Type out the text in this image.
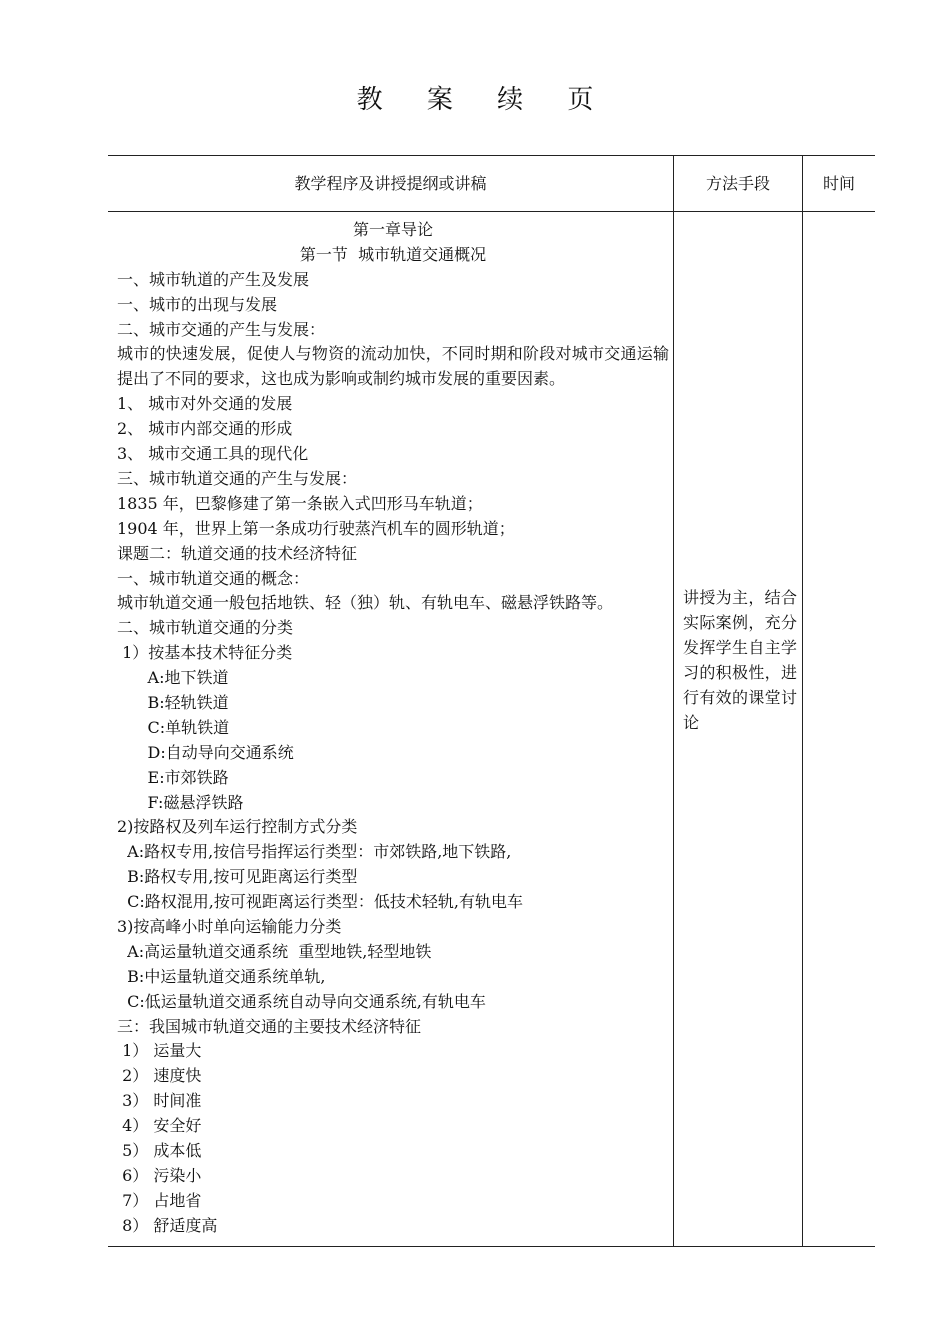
教 案 续 页
教学程序及讲授提纲或讲稿	方法手段	时间
第一章导论
第一节  城市轨道交通概况
一、城市轨道的产生及发展
一、城市的出现与发展
二、城市交通的产生与发展：
城市的快速发展，促使人与物资的流动加快，不同时期和阶段对城市交通运输提出了不同的要求，这也成为影响或制约城市发展的重要因素。
1、 城市对外交通的发展
2、 城市内部交通的形成
3、 城市交通工具的现代化
三、城市轨道交通的产生与发展：
1835 年，巴黎修建了第一条嵌入式凹形马车轨道；
1904 年，世界上第一条成功行驶蒸汽机车的圆形轨道；
课题二：轨道交通的技术经济特征
一、城市轨道交通的概念：
城市轨道交通一般包括地铁、轻（独）轨、有轨电车、磁悬浮铁路等。
二、城市轨道交通的分类
1）按基本技术特征分类
A:地下铁道
B:轻轨铁道
C:单轨铁道
D:自动导向交通系统
E:市郊铁路
F:磁悬浮铁路
2)按路权及列车运行控制方式分类
A:路权专用,按信号指挥运行类型：市郊铁路,地下铁路,
B:路权专用,按可见距离运行类型
C:路权混用,按可视距离运行类型：低技术轻轨,有轨电车
3)按高峰小时单向运输能力分类
A:高运量轨道交通系统  重型地铁,轻型地铁
B:中运量轨道交通系统单轨,
C:低运量轨道交通系统自动导向交通系统,有轨电车
三：我国城市轨道交通的主要技术经济特征
1） 运量大
2） 速度快
3） 时间准
4） 安全好
5） 成本低
6） 污染小
7） 占地省
8） 舒适度高
讲授为主，结合实际案例，充分发挥学生自主学习的积极性，进行有效的课堂讨论
